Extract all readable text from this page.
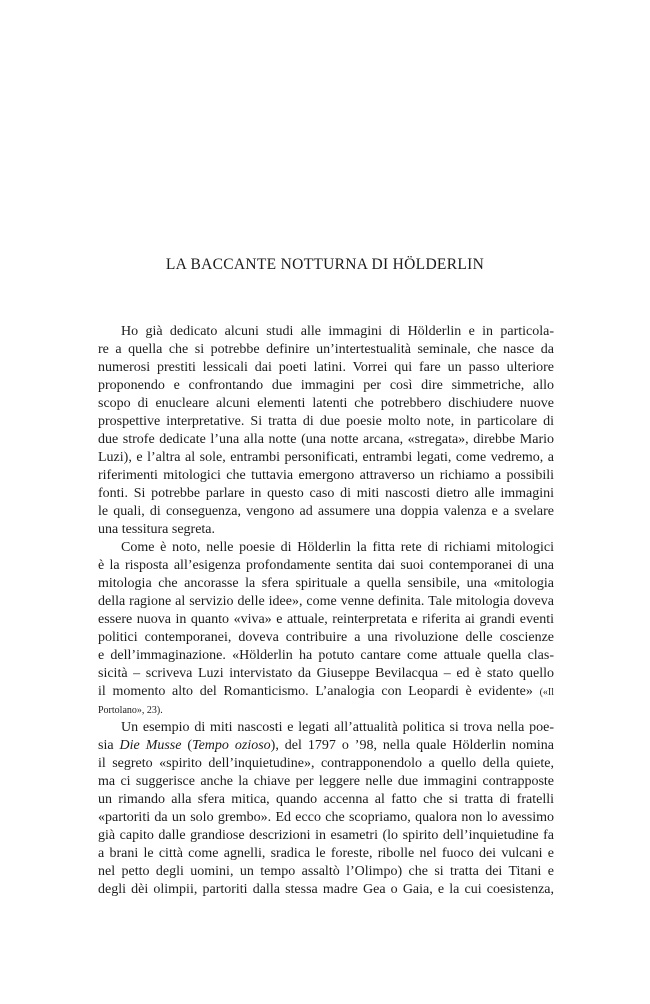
LA BACCANTE NOTTURNA DI HÖLDERLIN
Ho già dedicato alcuni studi alle immagini di Hölderlin e in particola-
re a quella che si potrebbe definire un’intertestualità seminale, che nasce da
numerosi prestiti lessicali dai poeti latini. Vorrei qui fare un passo ulteriore
proponendo e confrontando due immagini per così dire simmetriche, allo
scopo di enucleare alcuni elementi latenti che potrebbero dischiudere nuove
prospettive interpretative. Si tratta di due poesie molto note, in particolare di
due strofe dedicate l’una alla notte (una notte arcana, «stregata», direbbe Mario
Luzi), e l’altra al sole, entrambi personificati, entrambi legati, come vedremo, a
riferimenti mitologici che tuttavia emergono attraverso un richiamo a possibili
fonti. Si potrebbe parlare in questo caso di miti nascosti dietro alle immagini
le quali, di conseguenza, vengono ad assumere una doppia valenza e a svelare
una tessitura segreta.
Come è noto, nelle poesie di Hölderlin la fitta rete di richiami mitologici
è la risposta all’esigenza profondamente sentita dai suoi contemporanei di una
mitologia che ancorasse la sfera spirituale a quella sensibile, una «mitologia
della ragione al servizio delle idee», come venne definita. Tale mitologia doveva
essere nuova in quanto «viva» e attuale, reinterpretata e riferita ai grandi eventi
politici contemporanei, doveva contribuire a una rivoluzione delle coscienze
e dell’immaginazione. «Hölderlin ha potuto cantare come attuale quella clas-
sicità – scriveva Luzi intervistato da Giuseppe Bevilacqua – ed è stato quello
il momento alto del Romanticismo. L’analogia con Leopardi è evidente» («Il
Portolano», 23).
Un esempio di miti nascosti e legati all’attualità politica si trova nella poe-
sia Die Musse (Tempo ozioso), del 1797 o ’98, nella quale Hölderlin nomina
il segreto «spirito dell’inquietudine», contrapponendolo a quello della quiete,
ma ci suggerisce anche la chiave per leggere nelle due immagini contrapposte
un rimando alla sfera mitica, quando accenna al fatto che si tratta di fratelli
«partoriti da un solo grembo». Ed ecco che scopriamo, qualora non lo avessimo
già capito dalle grandiose descrizioni in esametri (lo spirito dell’inquietudine fa
a brani le città come agnelli, sradica le foreste, ribolle nel fuoco dei vulcani e
nel petto degli uomini, un tempo assaltò l’Olimpo) che si tratta dei Titani e
degli dèi olimpii, partoriti dalla stessa madre Gea o Gaia, e la cui coesistenza,
